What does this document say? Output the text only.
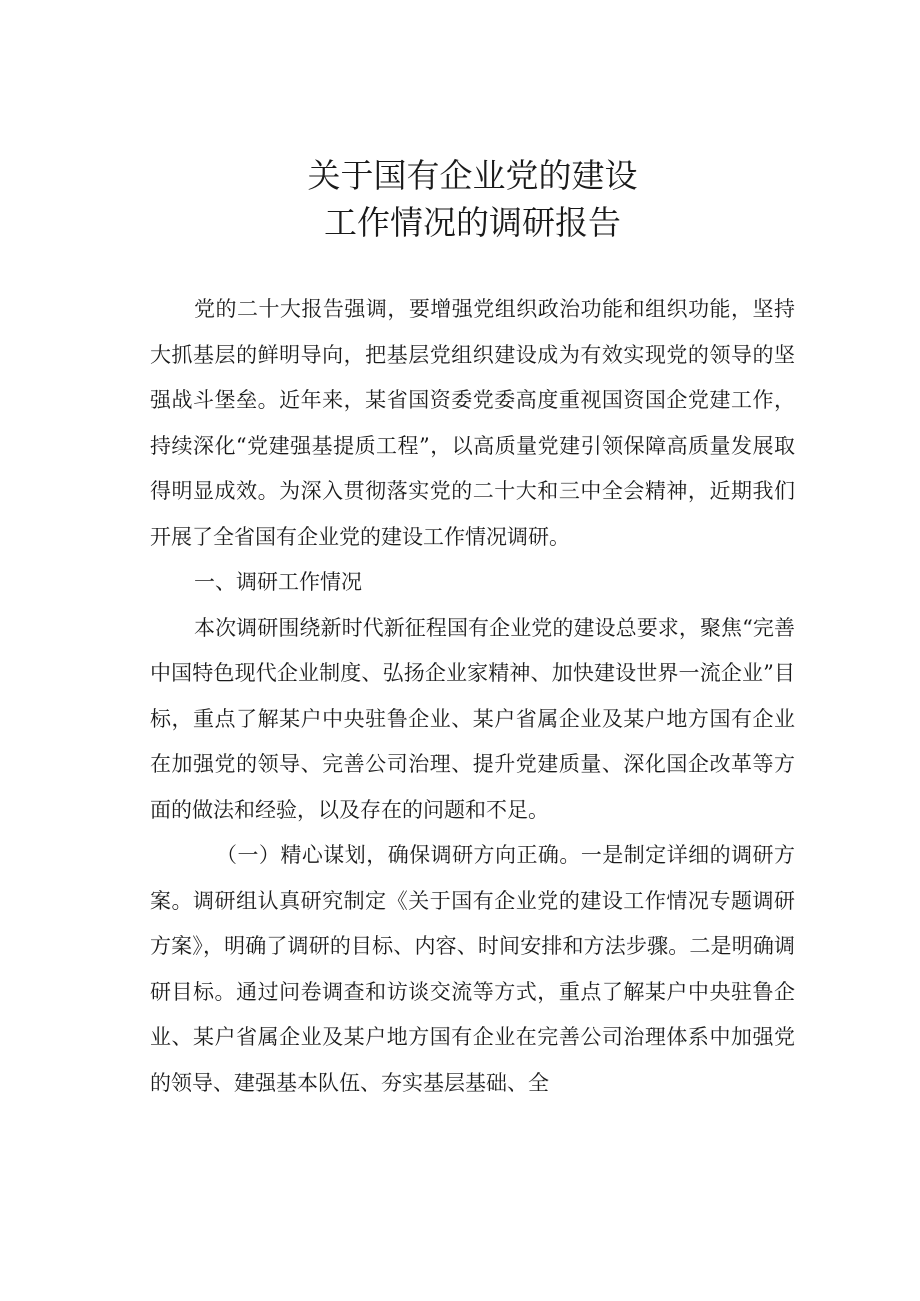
关于国有企业党的建设
工作情况的调研报告

党的二十大报告强调，要增强党组织政治功能和组织功能，坚持大抓基层的鲜明导向，把基层党组织建设成为有效实现党的领导的坚强战斗堡垒。近年来，某省国资委党委高度重视国资国企党建工作，持续深化“党建强基提质工程”，以高质量党建引领保障高质量发展取得明显成效。为深入贯彻落实党的二十大和三中全会精神，近期我们开展了全省国有企业党的建设工作情况调研。

一、调研工作情况

本次调研围绕新时代新征程国有企业党的建设总要求，聚焦“完善中国特色现代企业制度、弘扬企业家精神、加快建设世界一流企业”目标，重点了解某户中央驻鲁企业、某户省属企业及某户地方国有企业在加强党的领导、完善公司治理、提升党建质量、深化国企改革等方面的做法和经验，以及存在的问题和不足。

（一）精心谋划，确保调研方向正确。一是制定详细的调研方案。调研组认真研究制定《关于国有企业党的建设工作情况专题调研方案》，明确了调研的目标、内容、时间安排和方法步骤。二是明确调研目标。通过问卷调查和访谈交流等方式，重点了解某户中央驻鲁企业、某户省属企业及某户地方国有企业在完善公司治理体系中加强党的领导、建强基本队伍、夯实基层基础、全
